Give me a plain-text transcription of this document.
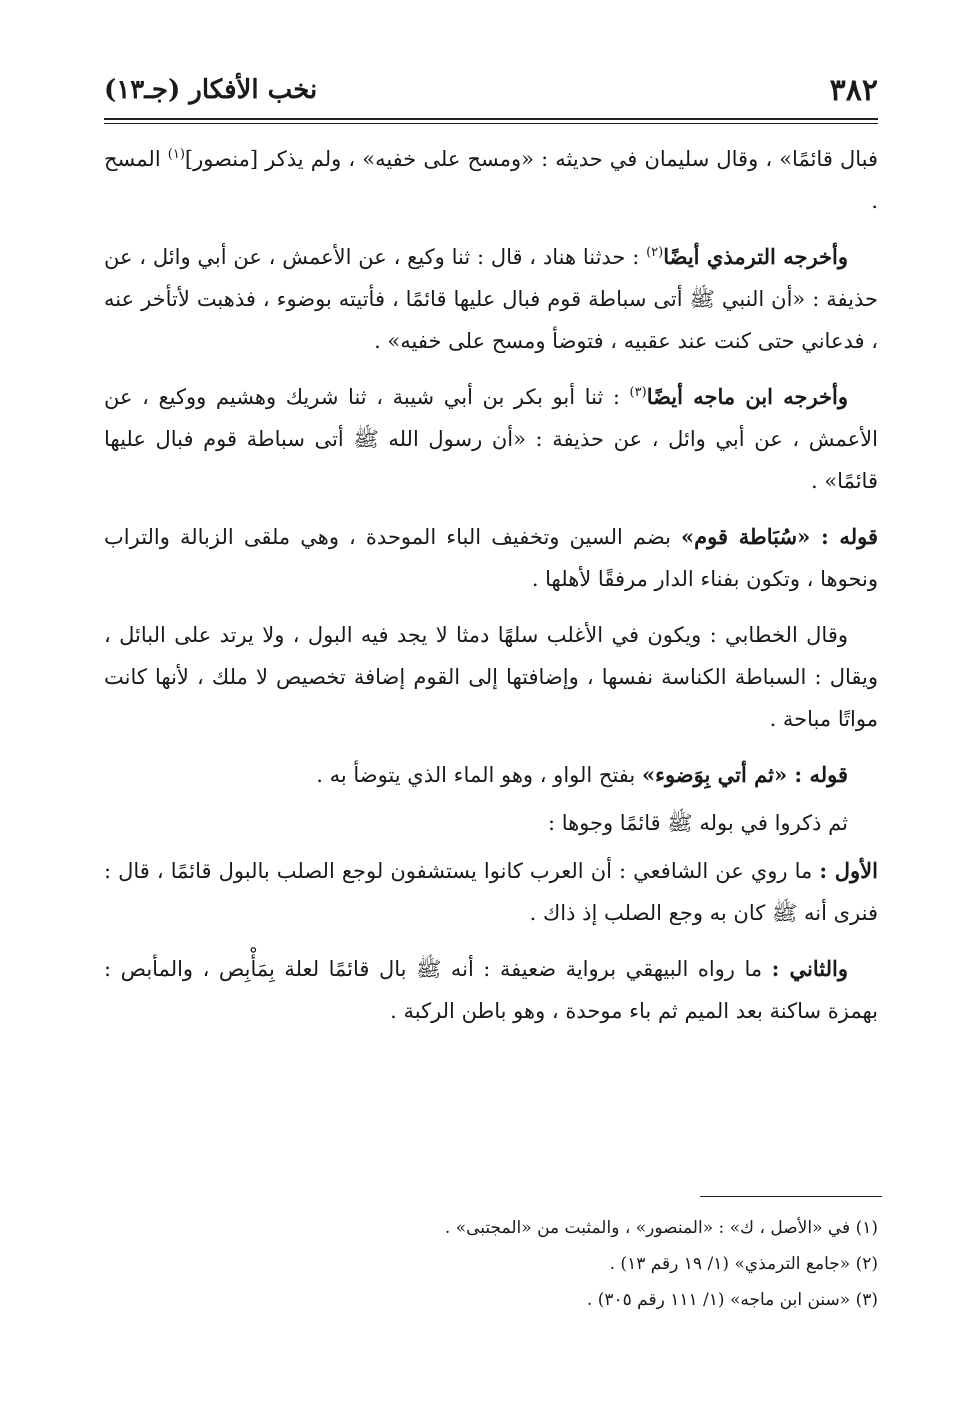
٣٨٢
نخب الأفكار (جـ١٣)

فبال قائمًا» ، وقال سليمان في حديثه : «ومسح على خفيه» ، ولم يذكر [منصور]$^{(١)}$ المسح .

وأخرجه الترمذي أيضًا$^{(٢)}$ : حدثنا هناد ، قال : ثنا وكيع ، عن الأعمش ، عن أبي وائل ، عن حذيفة : «أن النبي ﷺ أتى سباطة قوم فبال عليها قائمًا ، فأتيته بوضوء ، فذهبت لأتأخر عنه ، فدعاني حتى كنت عند عقبيه ، فتوضأ ومسح على خفيه» .

وأخرجه ابن ماجه أيضًا$^{(٣)}$ : ثنا أبو بكر بن أبي شيبة ، ثنا شريك وهشيم ووكيع ، عن الأعمش ، عن أبي وائل ، عن حذيفة : «أن رسول الله ﷺ أتى سباطة قوم فبال عليها قائمًا» .

قوله : «سُبَاطة قوم» بضم السين وتخفيف الباء الموحدة ، وهي ملقى الزبالة والتراب ونحوها ، وتكون بفناء الدار مرفقًا لأهلها .

وقال الخطابي : ويكون في الأغلب سلهًا دمثا لا يجد فيه البول ، ولا يرتد على البائل ، ويقال : السباطة الكناسة نفسها ، وإضافتها إلى القوم إضافة تخصيص لا ملك ، لأنها كانت مواتًا مباحة .

قوله : «ثم أتي بِوَضوء» بفتح الواو ، وهو الماء الذي يتوضأ به .

ثم ذكروا في بوله ﷺ قائمًا وجوها :

الأول : ما روي عن الشافعي : أن العرب كانوا يستشفون لوجع الصلب بالبول قائمًا ، قال : فنرى أنه ﷺ كان به وجع الصلب إذ ذاك .

والثاني : ما رواه البيهقي برواية ضعيفة : أنه ﷺ بال قائمًا لعلة بِمَأْبِص ، والمأبص : بهمزة ساكنة بعد الميم ثم باء موحدة ، وهو باطن الركبة .

(١) في «الأصل ، ك» : «المنصور» ، والمثبت من «المجتبى» .
(٢) «جامع الترمذي» (١/ ١٩ رقم ١٣) .
(٣) «سنن ابن ماجه» (١/ ١١١ رقم ٣٠٥) .
